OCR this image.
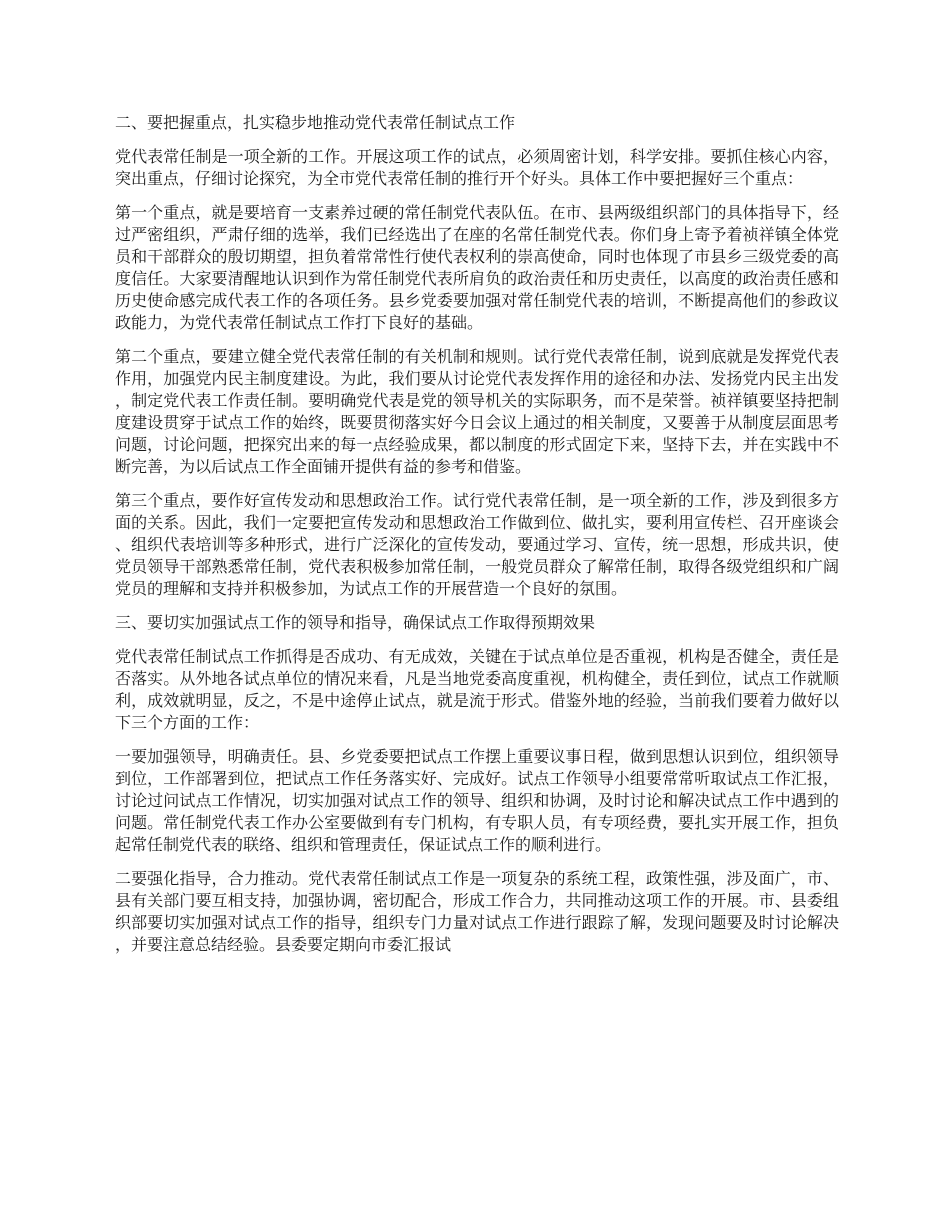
二、要把握重点，扎实稳步地推动党代表常任制试点工作

党代表常任制是一项全新的工作。开展这项工作的试点，必须周密计划，科学安排。要抓住核心内容，突出重点，仔细讨论探究，为全市党代表常任制的推行开个好头。具体工作中要把握好三个重点：

第一个重点，就是要培育一支素养过硬的常任制党代表队伍。在市、县两级组织部门的具体指导下，经过严密组织，严肃仔细的选举，我们已经选出了在座的名常任制党代表。你们身上寄予着祯祥镇全体党员和干部群众的殷切期望，担负着常常性行使代表权利的崇高使命，同时也体现了市县乡三级党委的高度信任。大家要清醒地认识到作为常任制党代表所肩负的政治责任和历史责任，以高度的政治责任感和历史使命感完成代表工作的各项任务。县乡党委要加强对常任制党代表的培训，不断提高他们的参政议政能力，为党代表常任制试点工作打下良好的基础。

第二个重点，要建立健全党代表常任制的有关机制和规则。试行党代表常任制，说到底就是发挥党代表作用，加强党内民主制度建设。为此，我们要从讨论党代表发挥作用的途径和办法、发扬党内民主出发，制定党代表工作责任制。要明确党代表是党的领导机关的实际职务，而不是荣誉。祯祥镇要坚持把制度建设贯穿于试点工作的始终，既要贯彻落实好今日会议上通过的相关制度，又要善于从制度层面思考问题，讨论问题，把探究出来的每一点经验成果，都以制度的形式固定下来，坚持下去，并在实践中不断完善，为以后试点工作全面铺开提供有益的参考和借鉴。

第三个重点，要作好宣传发动和思想政治工作。试行党代表常任制，是一项全新的工作，涉及到很多方面的关系。因此，我们一定要把宣传发动和思想政治工作做到位、做扎实，要利用宣传栏、召开座谈会、组织代表培训等多种形式，进行广泛深化的宣传发动，要通过学习、宣传，统一思想，形成共识，使党员领导干部熟悉常任制，党代表积极参加常任制，一般党员群众了解常任制，取得各级党组织和广阔党员的理解和支持并积极参加，为试点工作的开展营造一个良好的氛围。

三、要切实加强试点工作的领导和指导，确保试点工作取得预期效果

党代表常任制试点工作抓得是否成功、有无成效，关键在于试点单位是否重视，机构是否健全，责任是否落实。从外地各试点单位的情况来看，凡是当地党委高度重视，机构健全，责任到位，试点工作就顺利，成效就明显，反之，不是中途停止试点，就是流于形式。借鉴外地的经验，当前我们要着力做好以下三个方面的工作：

一要加强领导，明确责任。县、乡党委要把试点工作摆上重要议事日程，做到思想认识到位，组织领导到位，工作部署到位，把试点工作任务落实好、完成好。试点工作领导小组要常常听取试点工作汇报，讨论过问试点工作情况，切实加强对试点工作的领导、组织和协调，及时讨论和解决试点工作中遇到的问题。常任制党代表工作办公室要做到有专门机构，有专职人员，有专项经费，要扎实开展工作，担负起常任制党代表的联络、组织和管理责任，保证试点工作的顺利进行。

二要强化指导，合力推动。党代表常任制试点工作是一项复杂的系统工程，政策性强，涉及面广，市、县有关部门要互相支持，加强协调，密切配合，形成工作合力，共同推动这项工作的开展。市、县委组织部要切实加强对试点工作的指导，组织专门力量对试点工作进行跟踪了解，发现问题要及时讨论解决，并要注意总结经验。县委要定期向市委汇报试
